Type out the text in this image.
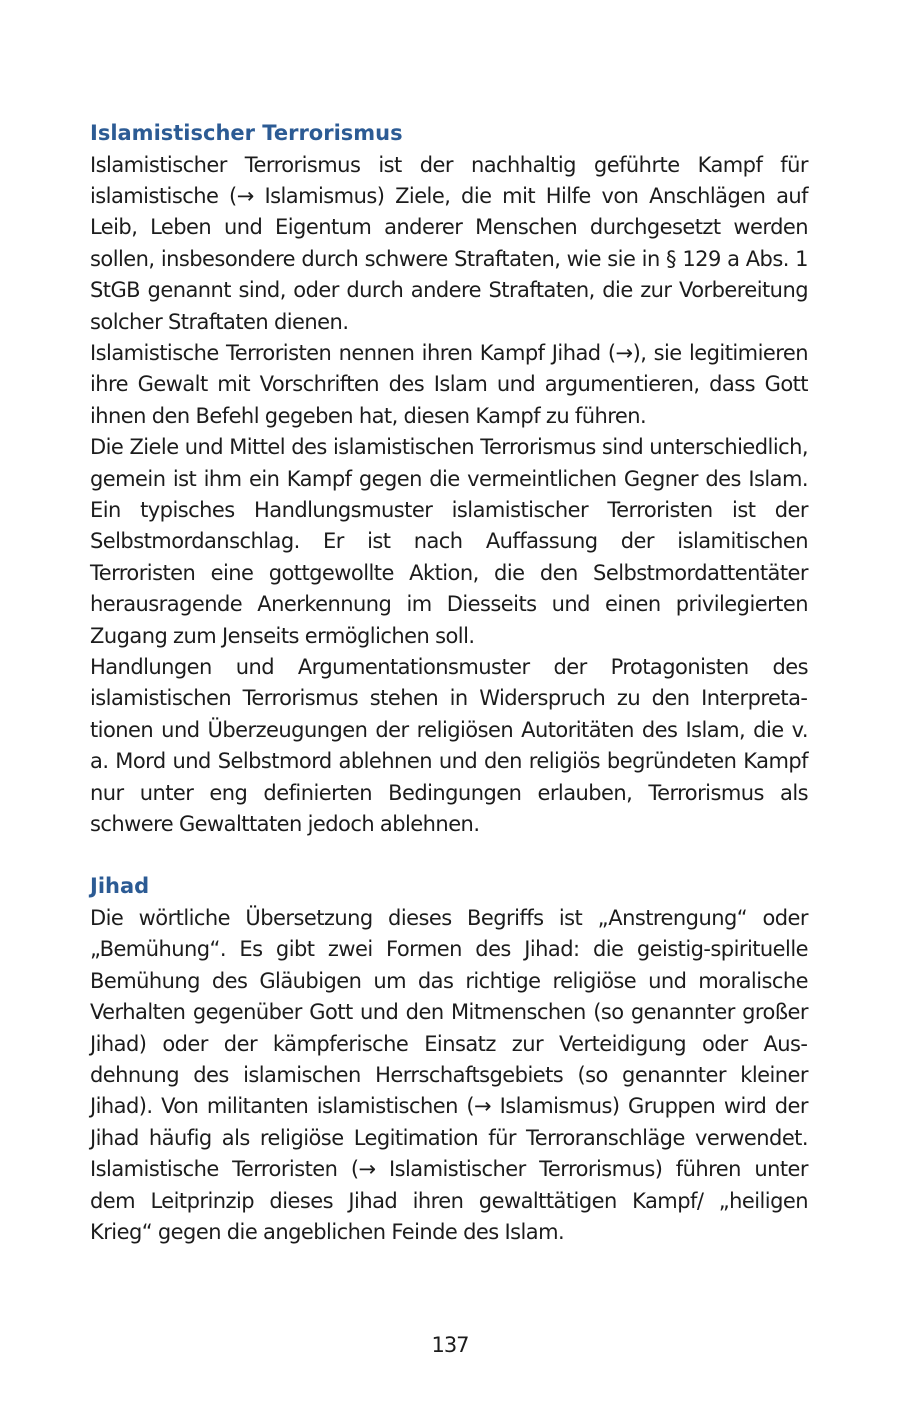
Islamistischer Terrorismus

Islamistischer Terrorismus ist der nachhaltig geführte Kampf für islamistische (→ Islamismus) Ziele, die mit Hilfe von Anschlägen auf Leib, Leben und Eigentum anderer Menschen durchgesetzt werden sollen, insbesondere durch schwere Straftaten, wie sie in § 129 a Abs. 1 StGB genannt sind, oder durch andere Straftaten, die zur Vorbereitung solcher Straftaten dienen.

Islamistische Terroristen nennen ihren Kampf Jihad (→), sie legitimieren ihre Gewalt mit Vorschriften des Islam und argumentieren, dass Gott ihnen den Befehl gegeben hat, diesen Kampf zu führen.

Die Ziele und Mittel des islamistischen Terrorismus sind unterschiedlich, gemein ist ihm ein Kampf gegen die vermeintlichen Gegner des Islam. Ein typisches Handlungsmuster islamistischer Terroristen ist der Selbstmordanschlag. Er ist nach Auffassung der islamitischen Terroristen eine gottgewollte Aktion, die den Selbstmordattentäter herausragende Anerkennung im Diesseits und einen privilegierten Zugang zum Jenseits ermöglichen soll.

Handlungen und Argumentationsmuster der Protagonisten des islamistischen Terrorismus stehen in Widerspruch zu den Interpretationen und Überzeugungen der religiösen Autoritäten des Islam, die v. a. Mord und Selbstmord ablehnen und den religiös begründeten Kampf nur unter eng definierten Bedingungen erlauben, Terrorismus als schwere Gewalttaten jedoch ablehnen.

Jihad

Die wörtliche Übersetzung dieses Begriffs ist „Anstrengung“ oder „Bemühung“. Es gibt zwei Formen des Jihad: die geistig-spirituelle Bemühung des Gläubigen um das richtige religiöse und moralische Verhalten gegenüber Gott und den Mitmenschen (so genannter großer Jihad) oder der kämpferische Einsatz zur Verteidigung oder Ausdehnung des islamischen Herrschaftsgebiets (so genannter kleiner Jihad). Von militanten islamistischen (→ Islamismus) Gruppen wird der Jihad häufig als religiöse Legitimation für Terroranschläge verwendet. Islamistische Terroristen (→ Islamistischer Terrorismus) führen unter dem Leitprinzip dieses Jihad ihren gewalttätigen Kampf/ „heiligen Krieg“ gegen die angeblichen Feinde des Islam.

137
